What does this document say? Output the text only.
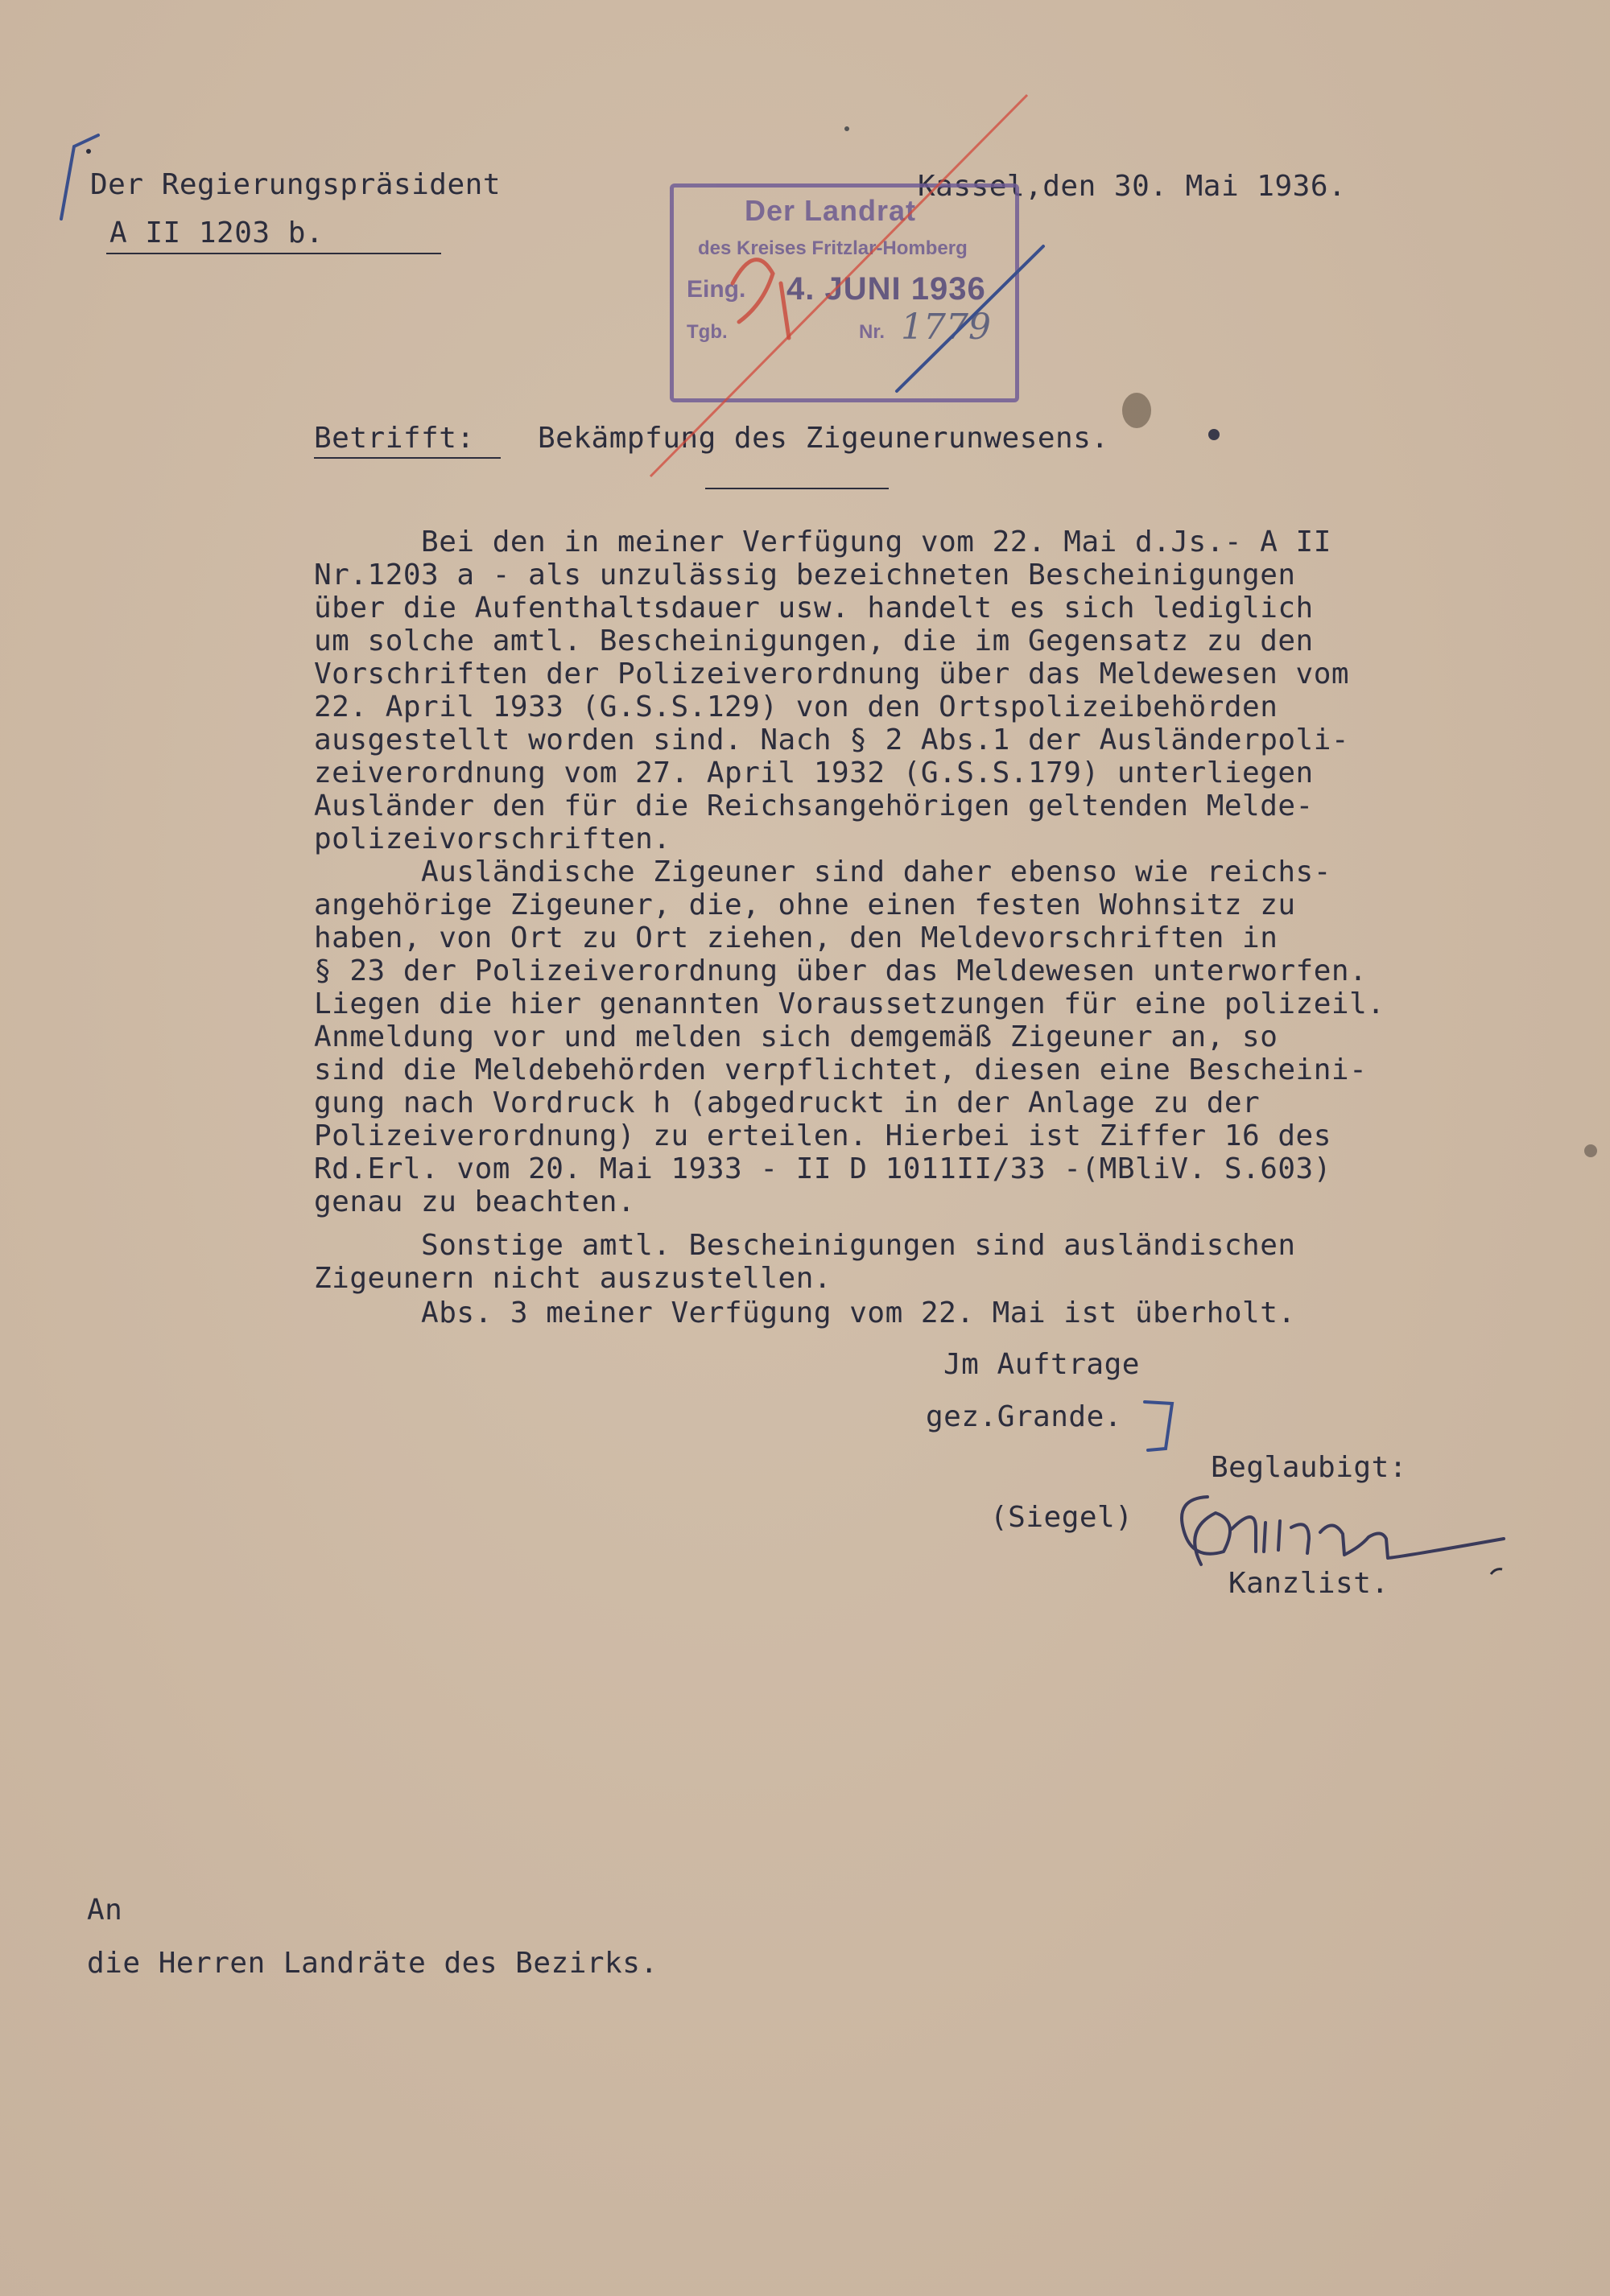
Der Regierungspräsident
A II 1203 b.
Kassel,den 30. Mai 1936.
Der Landrat
des Kreises Fritzlar-Homberg
Eing. 4. JUNI 1936
Tgb.	Nr. 1779
Betrifft: Bekämpfung des Zigeunerunwesens.
Bei den in meiner Verfügung vom 22. Mai d.Js.- A II
Nr.1203 a - als unzulässig bezeichneten Bescheinigungen
über die Aufenthaltsdauer usw. handelt es sich lediglich
um solche amtl. Bescheinigungen, die im Gegensatz zu den
Vorschriften der Polizeiverordnung über das Meldewesen vom
22. April 1933 (G.S.S.129) von den Ortspolizeibehörden
ausgestellt worden sind. Nach § 2 Abs.1 der Ausländerpoli-
zeiverordnung vom 27. April 1932 (G.S.S.179) unterliegen
Ausländer den für die Reichsangehörigen geltenden Melde-
polizeivorschriften.
Ausländische Zigeuner sind daher ebenso wie reichs-
angehörige Zigeuner, die, ohne einen festen Wohnsitz zu
haben, von Ort zu Ort ziehen, den Meldevorschriften in
§ 23 der Polizeiverordnung über das Meldewesen unterworfen.
Liegen die hier genannten Voraussetzungen für eine polizeil.
Anmeldung vor und melden sich demgemäß Zigeuner an, so
sind die Meldebehörden verpflichtet, diesen eine Bescheini-
gung nach Vordruck h (abgedruckt in der Anlage zu der
Polizeiverordnung) zu erteilen. Hierbei ist Ziffer 16 des
Rd.Erl. vom 20. Mai 1933 - II D 1011II/33 -(MBliV. S.603)
genau zu beachten.
Sonstige amtl. Bescheinigungen sind ausländischen
Zigeunern nicht auszustellen.
Abs. 3 meiner Verfügung vom 22. Mai ist überholt.
Jm Auftrage
gez.Grande.
Beglaubigt:
(Siegel)
Kanzlist.
An
die Herren Landräte des Bezirks.
